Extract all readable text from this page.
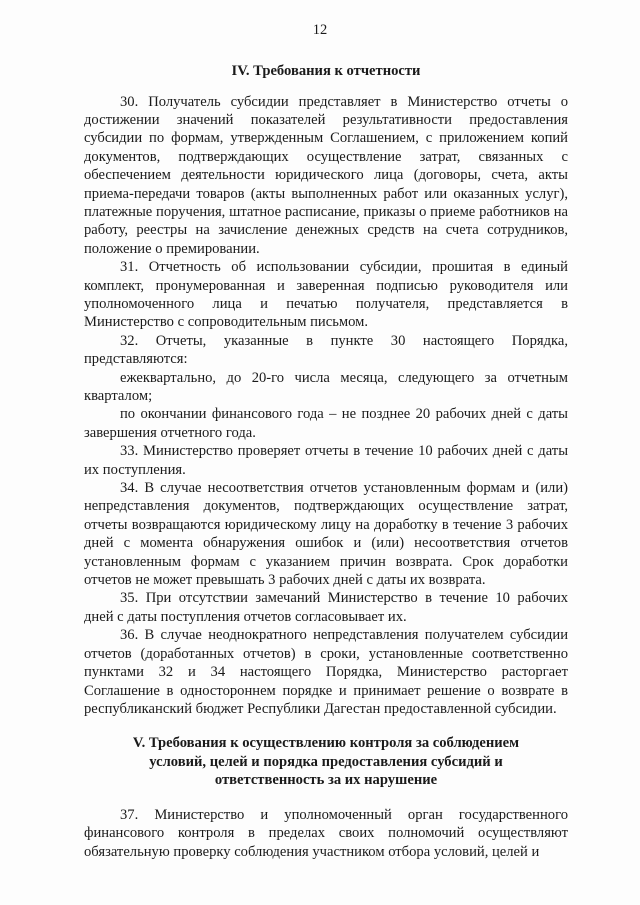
12

IV. Требования к отчетности

30. Получатель субсидии представляет в Министерство отчеты о достижении значений показателей результативности предоставления субсидии по формам, утвержденным Соглашением, с приложением копий документов, подтверждающих осуществление затрат, связанных с обеспечением деятельности юридического лица (договоры, счета, акты приема-передачи товаров (акты выполненных работ или оказанных услуг), платежные поручения, штатное расписание, приказы о приеме работников на работу, реестры на зачисление денежных средств на счета сотрудников, положение о премировании.

31. Отчетность об использовании субсидии, прошитая в единый комплект, пронумерованная и заверенная подписью руководителя или уполномоченного лица и печатью получателя, представляется в Министерство с сопроводительным письмом.

32. Отчеты, указанные в пункте 30 настоящего Порядка, представляются:

ежеквартально, до 20-го числа месяца, следующего за отчетным кварталом;

по окончании финансового года – не позднее 20 рабочих дней с даты завершения отчетного года.

33. Министерство проверяет отчеты в течение 10 рабочих дней с даты их поступления.

34. В случае несоответствия отчетов установленным формам и (или) непредставления документов, подтверждающих осуществление затрат, отчеты возвращаются юридическому лицу на доработку в течение 3 рабочих дней с момента обнаружения ошибок и (или) несоответствия отчетов установленным формам с указанием причин возврата. Срок доработки отчетов не может превышать 3 рабочих дней с даты их возврата.

35. При отсутствии замечаний Министерство в течение 10 рабочих дней с даты поступления отчетов согласовывает их.

36. В случае неоднократного непредставления получателем субсидии отчетов (доработанных отчетов) в сроки, установленные соответственно пунктами 32 и 34 настоящего Порядка, Министерство расторгает Соглашение в одностороннем порядке и принимает решение о возврате в республиканский бюджет Республики Дагестан предоставленной субсидии.

V. Требования к осуществлению контроля за соблюдением
условий, целей и порядка предоставления субсидий и
ответственность за их нарушение

37. Министерство и уполномоченный орган государственного финансового контроля в пределах своих полномочий осуществляют обязательную проверку соблюдения участником отбора условий, целей и
